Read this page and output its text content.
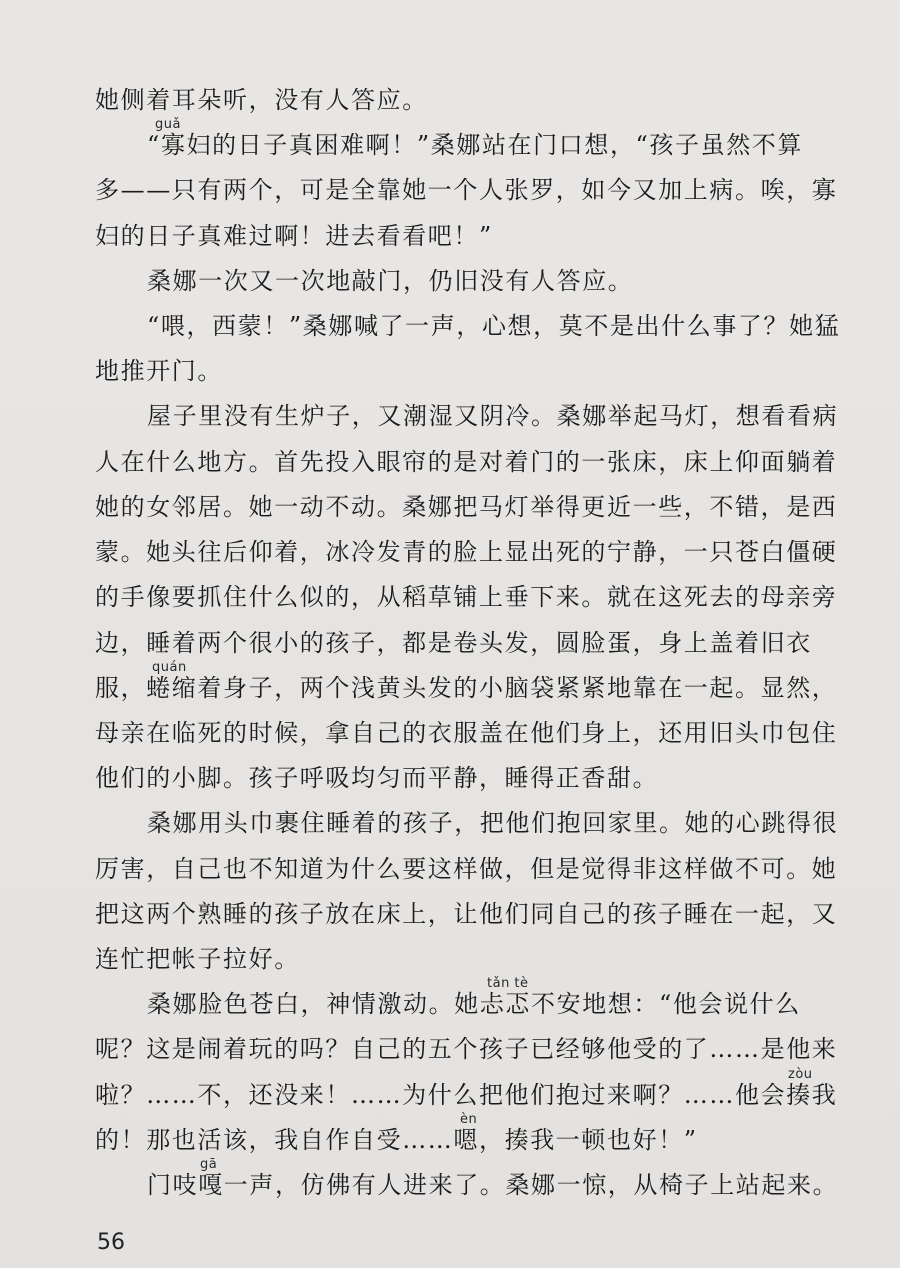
她侧着耳朵听，没有人答应。
“寡妇的日子真困难啊！”桑娜站在门口想，“孩子虽然不算
多——只有两个，可是全靠她一个人张罗，如今又加上病。唉，寡
妇的日子真难过啊！进去看看吧！”
桑娜一次又一次地敲门，仍旧没有人答应。
“喂，西蒙！”桑娜喊了一声，心想，莫不是出什么事了？她猛
地推开门。
屋子里没有生炉子，又潮湿又阴冷。桑娜举起马灯，想看看病
人在什么地方。首先投入眼帘的是对着门的一张床，床上仰面躺着
她的女邻居。她一动不动。桑娜把马灯举得更近一些，不错，是西
蒙。她头往后仰着，冰冷发青的脸上显出死的宁静，一只苍白僵硬
的手像要抓住什么似的，从稻草铺上垂下来。就在这死去的母亲旁
边，睡着两个很小的孩子，都是卷头发，圆脸蛋，身上盖着旧衣
服，蜷缩着身子，两个浅黄头发的小脑袋紧紧地靠在一起。显然，
母亲在临死的时候，拿自己的衣服盖在他们身上，还用旧头巾包住
他们的小脚。孩子呼吸均匀而平静，睡得正香甜。
桑娜用头巾裹住睡着的孩子，把他们抱回家里。她的心跳得很
厉害，自己也不知道为什么要这样做，但是觉得非这样做不可。她
把这两个熟睡的孩子放在床上，让他们同自己的孩子睡在一起，又
连忙把帐子拉好。
桑娜脸色苍白，神情激动。她忐忑不安地想：“他会说什么
呢？这是闹着玩的吗？自己的五个孩子已经够他受的了……是他来
啦？……不，还没来！……为什么把他们抱过来啊？……他会揍我
的！那也活该，我自作自受……嗯，揍我一顿也好！”
门吱嘎一声，仿佛有人进来了。桑娜一惊，从椅子上站起来。
guǎ
quán
tǎn tè
zòu
èn
gā
56
